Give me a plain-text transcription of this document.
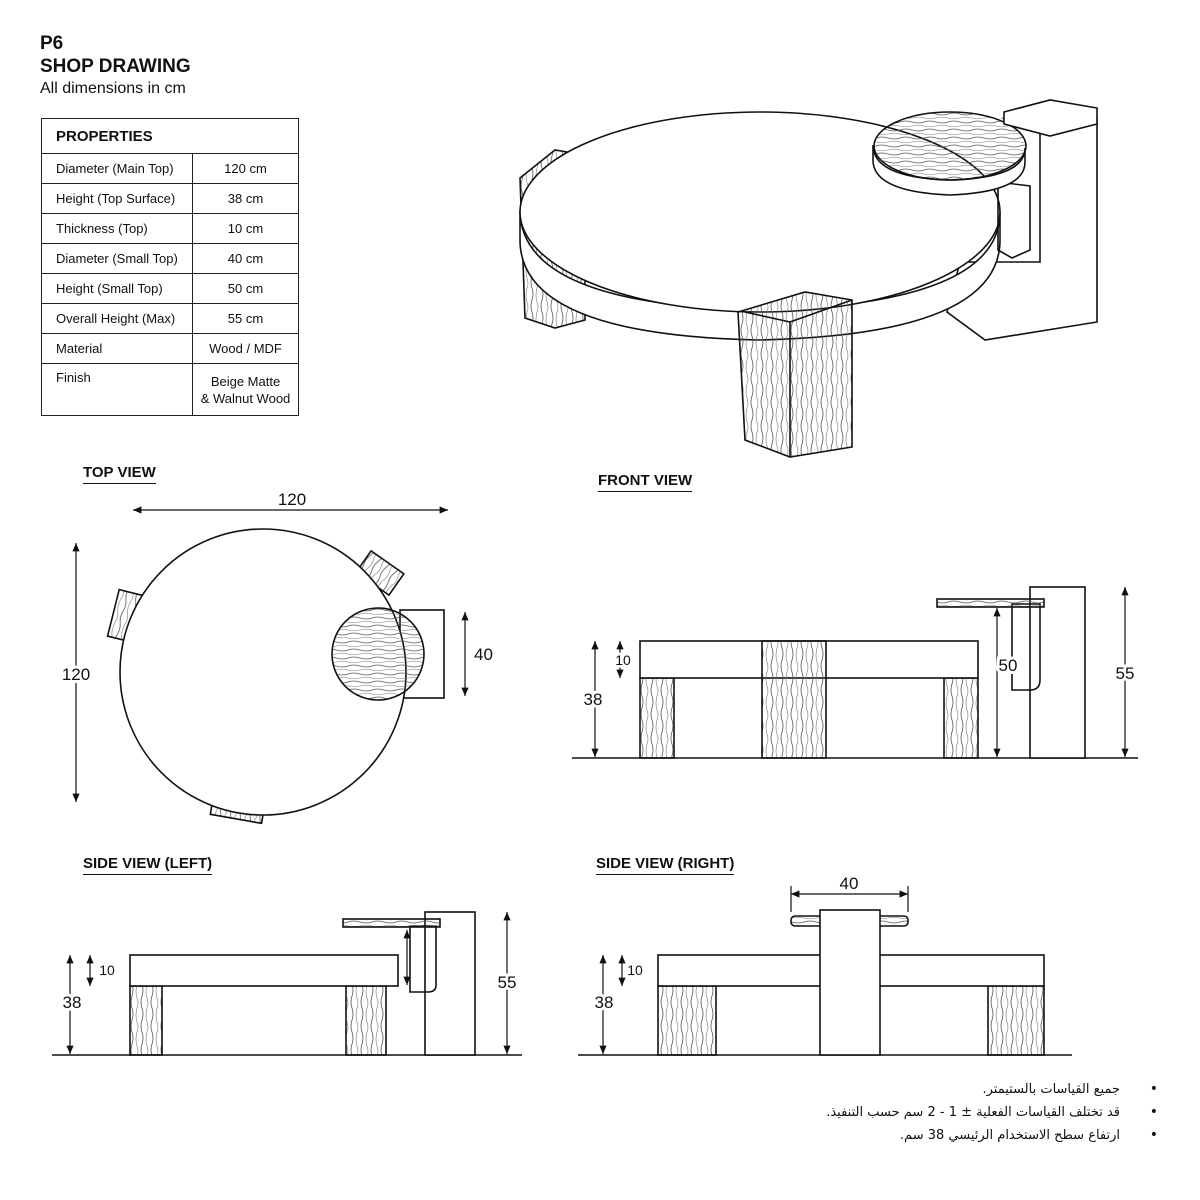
P6
SHOP DRAWING
All dimensions in cm
PROPERTIES	
Diameter (Main Top)	120 cm
Height (Top Surface)	38 cm
Thickness (Top)	10 cm
Diameter (Small Top)	40 cm
Height (Small Top)	50 cm
Overall Height (Max)	55 cm
Material	Wood / MDF
Finish	Beige Matte
& Walnut Wood
TOP VIEW	FRONT VIEW
SIDE VIEW (LEFT)	SIDE VIEW (RIGHT)
120
120
40	10
38
50	55
10
38
55
40
10
38
•
جميع القياسات بالستيمتر.
•
قد تختلف القياسات الفعلية ± 1 - 2 سم حسب التنفيذ.
•
ارتفاع سطح الاستخدام الرئيسي 38 سم.
